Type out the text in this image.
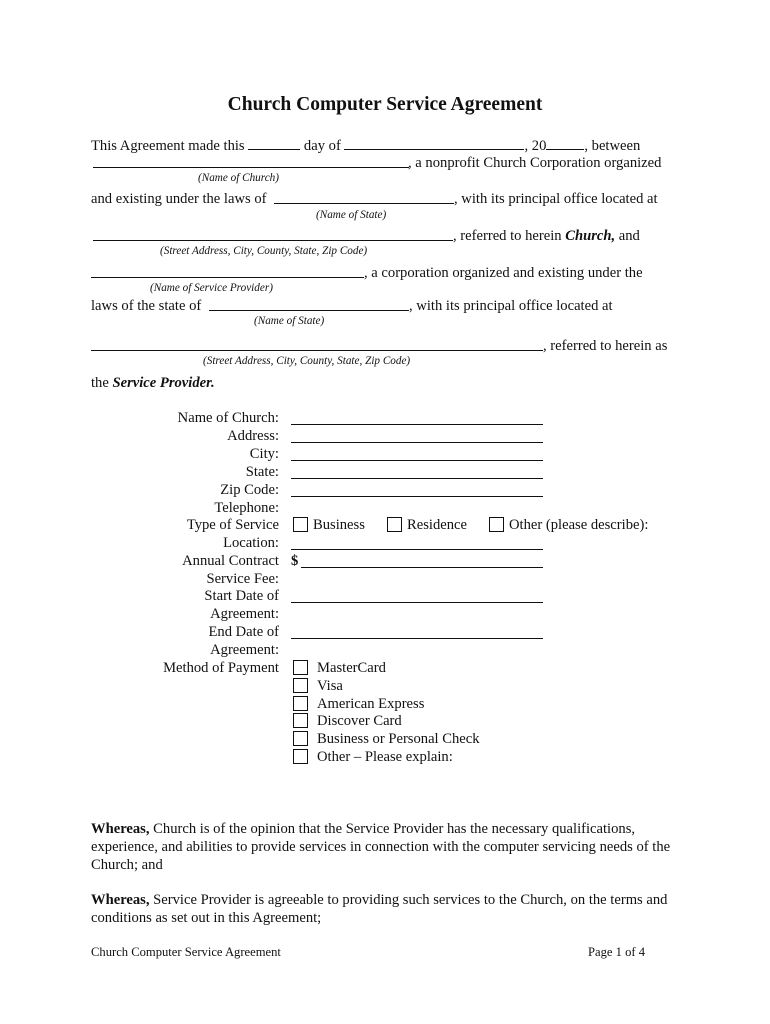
Church Computer Service Agreement
This Agreement made this	day of	, 20	, between
, a nonprofit Church Corporation organized
(Name of Church)
and existing under the laws of	, with its principal office located at
(Name of State)
, referred to herein Church, and
(Street Address, City, County, State, Zip Code)
, a corporation organized and existing under the
(Name of Service Provider)
laws of the state of	, with its principal office located at
(Name of State)
, referred to herein as
(Street Address, City, County, State, Zip Code)
the Service Provider.
Name of Church:
Address:
City:
State:
Zip Code:
Telephone:
Type of Service Business	Residence	Other (please describe):
Location:
Annual Contract $
Service Fee:
Start Date of
Agreement:
End Date of
Agreement:
Method of Payment	MasterCard
Visa
American Express
Discover Card
Business or Personal Check
Other – Please explain:
Whereas, Church is of the opinion that the Service Provider has the necessary qualifications, experience, and abilities to provide services in connection with the computer servicing needs of the Church; and
Whereas, Service Provider is agreeable to providing such services to the Church, on the terms and conditions as set out in this Agreement;
Church Computer Service Agreement	Page 1 of 4
